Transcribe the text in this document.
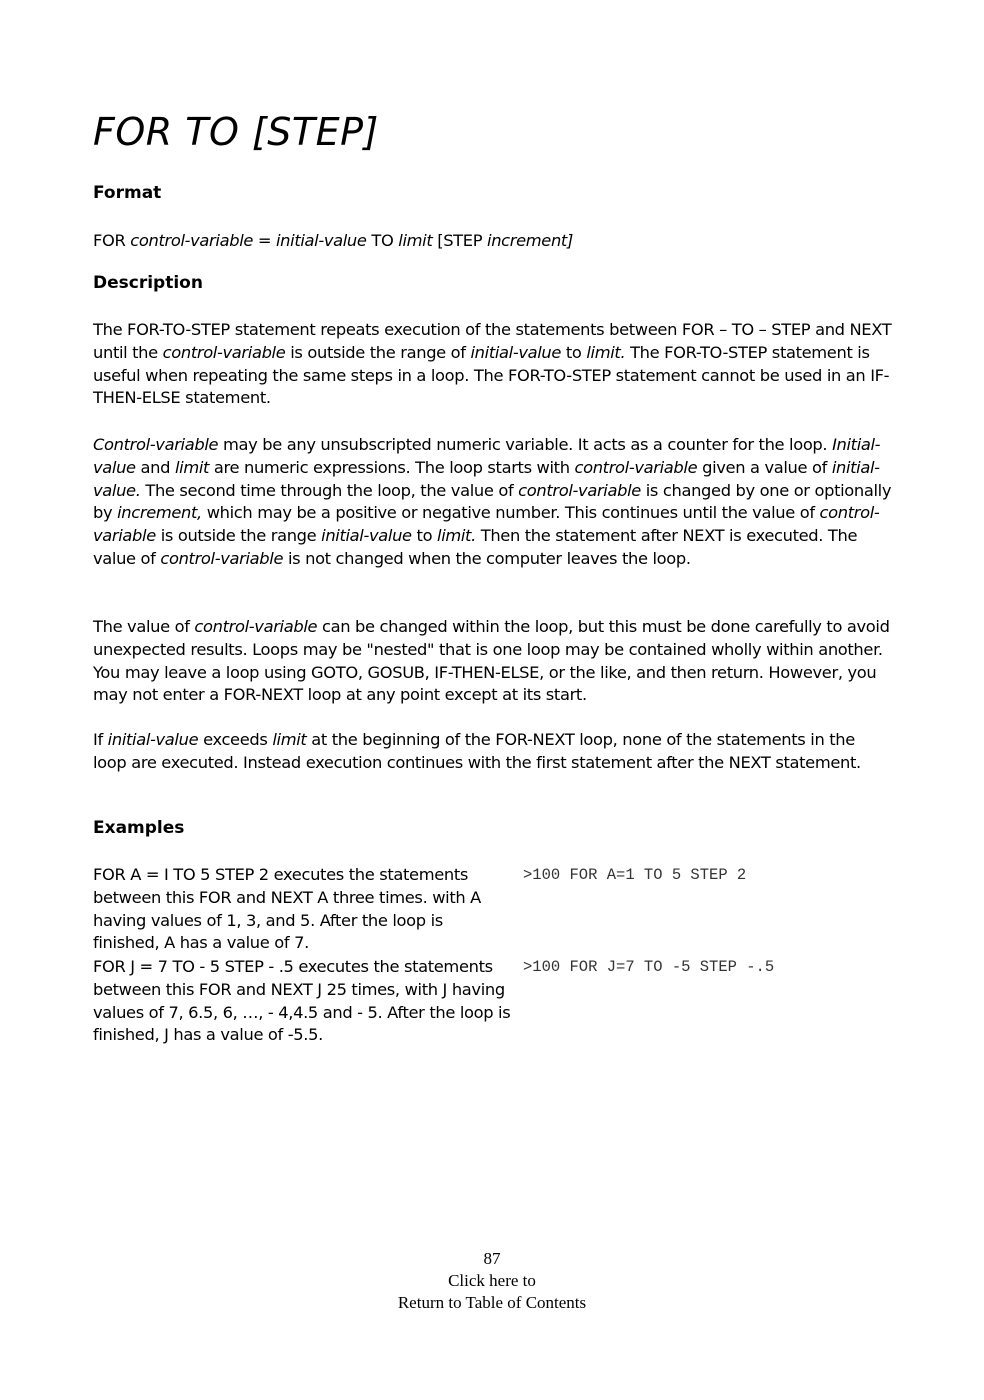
FOR TO [STEP]
Format

FOR control-variable = initial-value TO limit [STEP increment]

Description

The FOR-TO-STEP statement repeats execution of the statements between FOR – TO – STEP and NEXT until the control-variable is outside the range of initial-value to limit. The FOR-TO-STEP statement is useful when repeating the same steps in a loop. The FOR-TO-STEP statement cannot be used in an IF-THEN-ELSE statement.

Control-variable may be any unsubscripted numeric variable. It acts as a counter for the loop. Initial-value and limit are numeric expressions. The loop starts with control-variable given a value of initial-value. The second time through the loop, the value of control-variable is changed by one or optionally by increment, which may be a positive or negative number. This continues until the value of control-variable is outside the range initial-value to limit. Then the statement after NEXT is executed. The value of control-variable is not changed when the computer leaves the loop.

The value of control-variable can be changed within the loop, but this must be done carefully to avoid unexpected results. Loops may be "nested" that is one loop may be contained wholly within another. You may leave a loop using GOTO, GOSUB, IF-THEN-ELSE, or the like, and then return. However, you may not enter a FOR-NEXT loop at any point except at its start.

If initial-value exceeds limit at the beginning of the FOR-NEXT loop, none of the statements in the loop are executed. Instead execution continues with the first statement after the NEXT statement.

Examples

FOR A = I TO 5 STEP 2 executes the statements between this FOR and NEXT A three times. with A having values of 1, 3, and 5. After the loop is finished, A has a value of 7.

>100 FOR A=1 TO 5 STEP 2

FOR J = 7 TO - 5 STEP - .5 executes the statements between this FOR and NEXT J 25 times, with J having values of 7, 6.5, 6, …, - 4,4.5 and - 5. After the loop is finished, J has a value of -5.5.

>100 FOR J=7 TO -5 STEP -.5
87
Click here to
Return to Table of Contents
